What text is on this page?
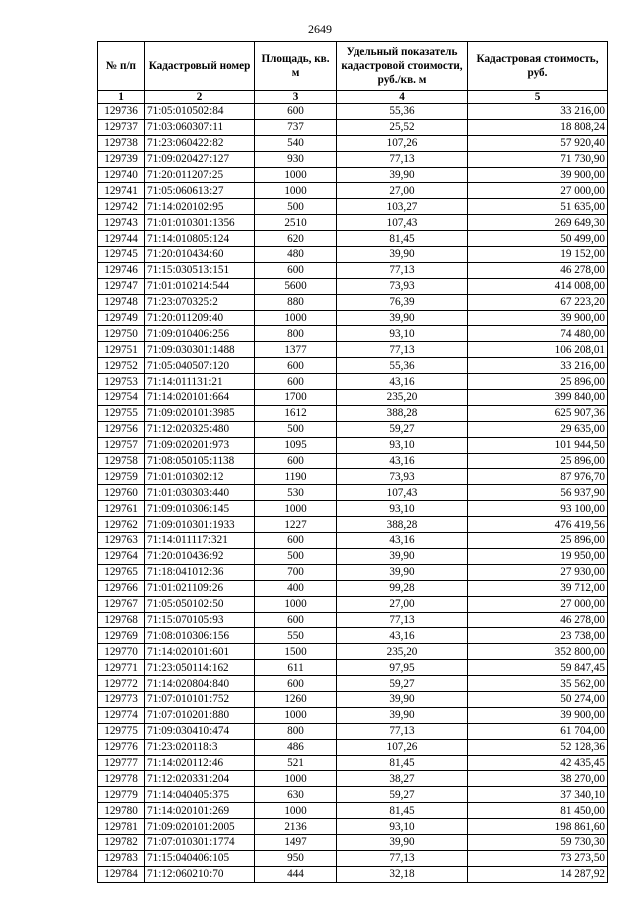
2649
№ п/п	Кадастровый номер	Площадь, кв. м	Удельный показатель кадастровой стоимости, руб./кв. м	Кадастровая стоимость, руб.
1	2	3	4	5
129736	71:05:010502:84	600	55,36	33 216,00
129737	71:03:060307:11	737	25,52	18 808,24
129738	71:23:060422:82	540	107,26	57 920,40
129739	71:09:020427:127	930	77,13	71 730,90
129740	71:20:011207:25	1000	39,90	39 900,00
129741	71:05:060613:27	1000	27,00	27 000,00
129742	71:14:020102:95	500	103,27	51 635,00
129743	71:01:010301:1356	2510	107,43	269 649,30
129744	71:14:010805:124	620	81,45	50 499,00
129745	71:20:010434:60	480	39,90	19 152,00
129746	71:15:030513:151	600	77,13	46 278,00
129747	71:01:010214:544	5600	73,93	414 008,00
129748	71:23:070325:2	880	76,39	67 223,20
129749	71:20:011209:40	1000	39,90	39 900,00
129750	71:09:010406:256	800	93,10	74 480,00
129751	71:09:030301:1488	1377	77,13	106 208,01
129752	71:05:040507:120	600	55,36	33 216,00
129753	71:14:011131:21	600	43,16	25 896,00
129754	71:14:020101:664	1700	235,20	399 840,00
129755	71:09:020101:3985	1612	388,28	625 907,36
129756	71:12:020325:480	500	59,27	29 635,00
129757	71:09:020201:973	1095	93,10	101 944,50
129758	71:08:050105:1138	600	43,16	25 896,00
129759	71:01:010302:12	1190	73,93	87 976,70
129760	71:01:030303:440	530	107,43	56 937,90
129761	71:09:010306:145	1000	93,10	93 100,00
129762	71:09:010301:1933	1227	388,28	476 419,56
129763	71:14:011117:321	600	43,16	25 896,00
129764	71:20:010436:92	500	39,90	19 950,00
129765	71:18:041012:36	700	39,90	27 930,00
129766	71:01:021109:26	400	99,28	39 712,00
129767	71:05:050102:50	1000	27,00	27 000,00
129768	71:15:070105:93	600	77,13	46 278,00
129769	71:08:010306:156	550	43,16	23 738,00
129770	71:14:020101:601	1500	235,20	352 800,00
129771	71:23:050114:162	611	97,95	59 847,45
129772	71:14:020804:840	600	59,27	35 562,00
129773	71:07:010101:752	1260	39,90	50 274,00
129774	71:07:010201:880	1000	39,90	39 900,00
129775	71:09:030410:474	800	77,13	61 704,00
129776	71:23:020118:3	486	107,26	52 128,36
129777	71:14:020112:46	521	81,45	42 435,45
129778	71:12:020331:204	1000	38,27	38 270,00
129779	71:14:040405:375	630	59,27	37 340,10
129780	71:14:020101:269	1000	81,45	81 450,00
129781	71:09:020101:2005	2136	93,10	198 861,60
129782	71:07:010301:1774	1497	39,90	59 730,30
129783	71:15:040406:105	950	77,13	73 273,50
129784	71:12:060210:70	444	32,18	14 287,92
